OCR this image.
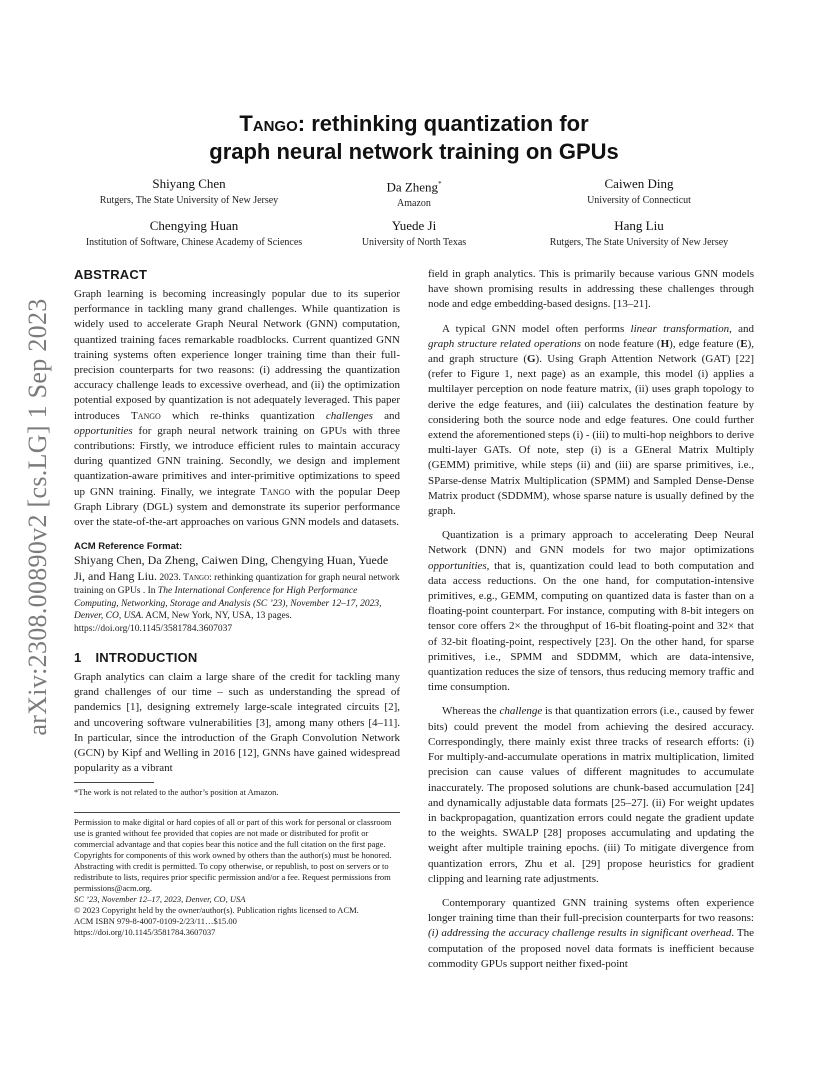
arXiv:2308.00890v2 [cs.LG] 1 Sep 2023
Tango: rethinking quantization for
graph neural network training on GPUs
Shiyang Chen
Rutgers, The State University of New Jersey
Da Zheng*
Amazon
Caiwen Ding
University of Connecticut
Chengying Huan
Institution of Software, Chinese Academy of Sciences
Yuede Ji
University of North Texas
Hang Liu
Rutgers, The State University of New Jersey
ABSTRACT

Graph learning is becoming increasingly popular due to its superior performance in tackling many grand challenges. While quantization is widely used to accelerate Graph Neural Network (GNN) computation, quantized training faces remarkable roadblocks. Current quantized GNN training systems often experience longer training time than their full-precision counterparts for two reasons: (i) addressing the quantization accuracy challenge leads to excessive overhead, and (ii) the optimization potential exposed by quantization is not adequately leveraged. This paper introduces Tango which re-thinks quantization challenges and opportunities for graph neural network training on GPUs with three contributions: Firstly, we introduce efficient rules to maintain accuracy during quantized GNN training. Secondly, we design and implement quantization-aware primitives and inter-primitive optimizations to speed up GNN training. Finally, we integrate Tango with the popular Deep Graph Library (DGL) system and demonstrate its superior performance over the state-of-the-art approaches on various GNN models and datasets.

ACM Reference Format:
Shiyang Chen, Da Zheng, Caiwen Ding, Chengying Huan, Yuede Ji, and Hang Liu. 2023. Tango: rethinking quantization for graph neural network training on GPUs . In The International Conference for High Performance Computing, Networking, Storage and Analysis (SC ’23), November 12–17, 2023, Denver, CO, USA. ACM, New York, NY, USA, 13 pages. https://doi.org/10.1145/3581784.3607037
1 INTRODUCTION

Graph analytics can claim a large share of the credit for tackling many grand challenges of our time – such as understanding the spread of pandemics [1], designing extremely large-scale integrated circuits [2], and uncovering software vulnerabilities [3], among many others [4–11]. In particular, since the introduction of the Graph Convolution Network (GCN) by Kipf and Welling in 2016 [12], GNNs have gained widespread popularity as a vibrant

*The work is not related to the author’s position at Amazon.
Permission to make digital or hard copies of all or part of this work for personal or classroom use is granted without fee provided that copies are not made or distributed for profit or commercial advantage and that copies bear this notice and the full citation on the first page. Copyrights for components of this work owned by others than the author(s) must be honored. Abstracting with credit is permitted. To copy otherwise, or republish, to post on servers or to redistribute to lists, requires prior specific permission and/or a fee. Request permissions from permissions@acm.org.
SC ’23, November 12–17, 2023, Denver, CO, USA
© 2023 Copyright held by the owner/author(s). Publication rights licensed to ACM.
ACM ISBN 979-8-4007-0109-2/23/11…$15.00
https://doi.org/10.1145/3581784.3607037

field in graph analytics. This is primarily because various GNN models have shown promising results in addressing these challenges through node and edge embedding-based designs. [13–21].

A typical GNN model often performs linear transformation, and graph structure related operations on node feature (H), edge feature (E), and graph structure (G). Using Graph Attention Network (GAT) [22] (refer to Figure 1, next page) as an example, this model (i) applies a multilayer perception on node feature matrix, (ii) uses graph topology to derive the edge features, and (iii) calculates the destination feature by considering both the source node and edge features. One could further extend the aforementioned steps (i) - (iii) to multi-hop neighbors to derive multi-layer GATs. Of note, step (i) is a GEneral Matrix Multiply (GEMM) primitive, while steps (ii) and (iii) are sparse primitives, i.e., SParse-dense Matrix Multiplication (SPMM) and Sampled Dense-Dense Matrix product (SDDMM), whose sparse nature is usually defined by the graph.

Quantization is a primary approach to accelerating Deep Neural Network (DNN) and GNN models for two major optimizations opportunities, that is, quantization could lead to both computation and data access reductions. On the one hand, for computation-intensive primitives, e.g., GEMM, computing on quantized data is faster than on a floating-point counterpart. For instance, computing with 8-bit integers on tensor core offers 2× the throughput of 16-bit floating-point and 32× that of 32-bit floating-point, respectively [23]. On the other hand, for sparse primitives, i.e., SPMM and SDDMM, which are data-intensive, quantization reduces the size of tensors, thus reducing memory traffic and time consumption.

Whereas the challenge is that quantization errors (i.e., caused by fewer bits) could prevent the model from achieving the desired accuracy. Correspondingly, there mainly exist three tracks of research efforts: (i) For multiply-and-accumulate operations in matrix multiplication, limited precision can cause values of different magnitudes to accumulate inaccurately. The proposed solutions are chunk-based accumulation [24] and dynamically adjustable data formats [25–27]. (ii) For weight updates in backpropagation, quantization errors could negate the gradient update to the weights. SWALP [28] proposes accumulating and updating the weight after multiple training epochs. (iii) To mitigate divergence from quantization errors, Zhu et al. [29] propose heuristics for gradient clipping and learning rate adjustments.

Contemporary quantized GNN training systems often experience longer training time than their full-precision counterparts for two reasons: (i) addressing the accuracy challenge results in significant overhead. The computation of the proposed novel data formats is inefficient because commodity GPUs support neither fixed-point
